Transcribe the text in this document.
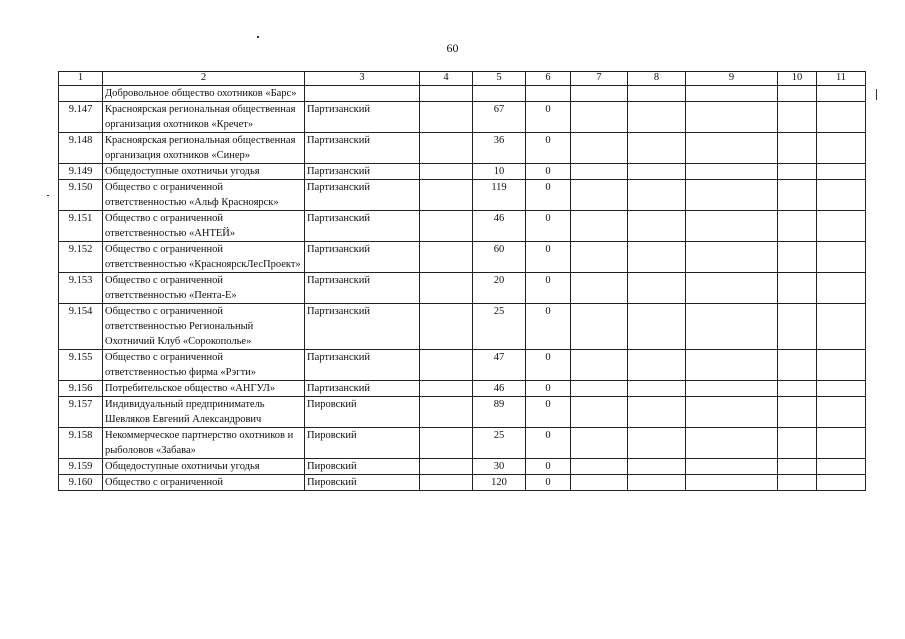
60
1	2	3	4	5	6	7	8	9	10	11
	Добровольное общество охотников «Барс»									
9.147	Красноярская региональная общественная организация охотников «Кречет»	Партизанский		67	0					
9.148	Красноярская региональная общественная организация охотников «Синер»	Партизанский		36	0					
9.149	Общедоступные охотничьи угодья	Партизанский		10	0					
9.150	Общество с ограниченной ответственностью «Альф Красноярск»	Партизанский		119	0					
9.151	Общество с ограниченной ответственностью «АНТЕЙ»	Партизанский		46	0					
9.152	Общество с ограниченной ответственностью «КрасноярскЛесПроект»	Партизанский		60	0					
9.153	Общество с ограниченной ответственностью «Пента-Е»	Партизанский		20	0					
9.154	Общество с ограниченной ответственностью Региональный Охотничий Клуб «Сорокополье»	Партизанский		25	0					
9.155	Общество с ограниченной ответственностью фирма «Рэгти»	Партизанский		47	0					
9.156	Потребительское общество «АНГУЛ»	Партизанский		46	0					
9.157	Индивидуальный предприниматель Шевляков Евгений Александрович	Пировский		89	0					
9.158	Некоммерческое партнерство охотников и рыболовов «Забава»	Пировский		25	0					
9.159	Общедоступные охотничьи угодья	Пировский		30	0					
9.160	Общество с ограниченной	Пировский		120	0					
